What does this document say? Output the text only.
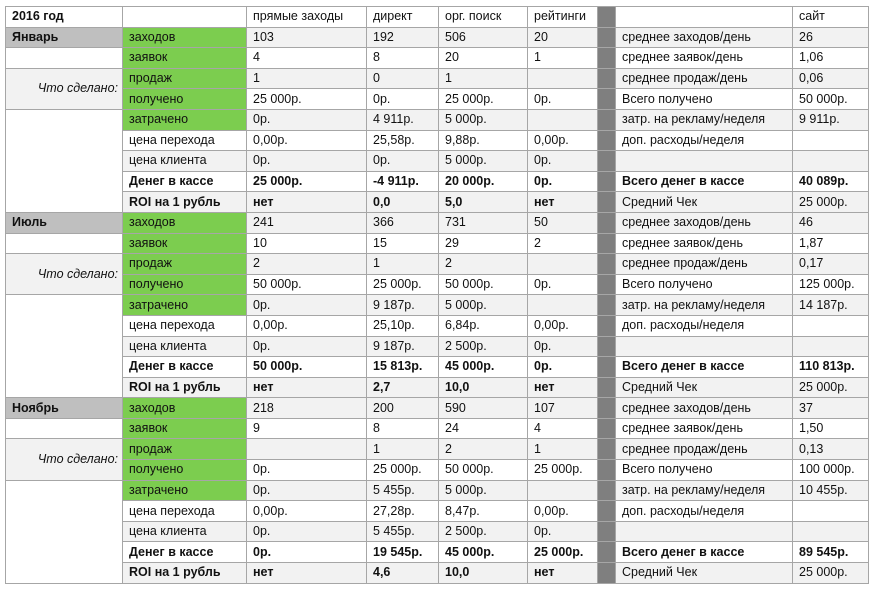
2016 год		прямые заходы	директ	орг. поиск	рейтинги			сайт
Январь	заходов	103	192	506	20		среднее заходов/день	26
	заявок	4	8	20	1		среднее заявок/день	1,06
Что сделано:	продаж	1	0	1			среднее продаж/день	0,06
	получено	25 000р.	0р.	25 000р.	0р.		Всего получено	50 000р.
	затрачено	0р.	4 911р.	5 000р.			затр. на рекламу/неделя	9 911р.
	цена перехода	0,00р.	25,58р.	9,88р.	0,00р.		доп. расходы/неделя	
	цена клиента	0р.	0р.	5 000р.	0р.			
	Денег в кассе	25 000р.	-4 911р.	20 000р.	0р.		Всего денег в кассе	40 089р.
	ROI на 1 рубль	нет	0,0	5,0	нет		Средний Чек	25 000р.
Июль	заходов	241	366	731	50		среднее заходов/день	46
	заявок	10	15	29	2		среднее заявок/день	1,87
Что сделано:	продаж	2	1	2			среднее продаж/день	0,17
	получено	50 000р.	25 000р.	50 000р.	0р.		Всего получено	125 000р.
	затрачено	0р.	9 187р.	5 000р.			затр. на рекламу/неделя	14 187р.
	цена перехода	0,00р.	25,10р.	6,84р.	0,00р.		доп. расходы/неделя	
	цена клиента	0р.	9 187р.	2 500р.	0р.			
	Денег в кассе	50 000р.	15 813р.	45 000р.	0р.		Всего денег в кассе	110 813р.
	ROI на 1 рубль	нет	2,7	10,0	нет		Средний Чек	25 000р.
Ноябрь	заходов	218	200	590	107		среднее заходов/день	37
	заявок	9	8	24	4		среднее заявок/день	1,50
Что сделано:	продаж		1	2	1		среднее продаж/день	0,13
	получено	0р.	25 000р.	50 000р.	25 000р.		Всего получено	100 000р.
	затрачено	0р.	5 455р.	5 000р.			затр. на рекламу/неделя	10 455р.
	цена перехода	0,00р.	27,28р.	8,47р.	0,00р.		доп. расходы/неделя	
	цена клиента	0р.	5 455р.	2 500р.	0р.			
	Денег в кассе	0р.	19 545р.	45 000р.	25 000р.		Всего денег в кассе	89 545р.
	ROI на 1 рубль	нет	4,6	10,0	нет		Средний Чек	25 000р.
